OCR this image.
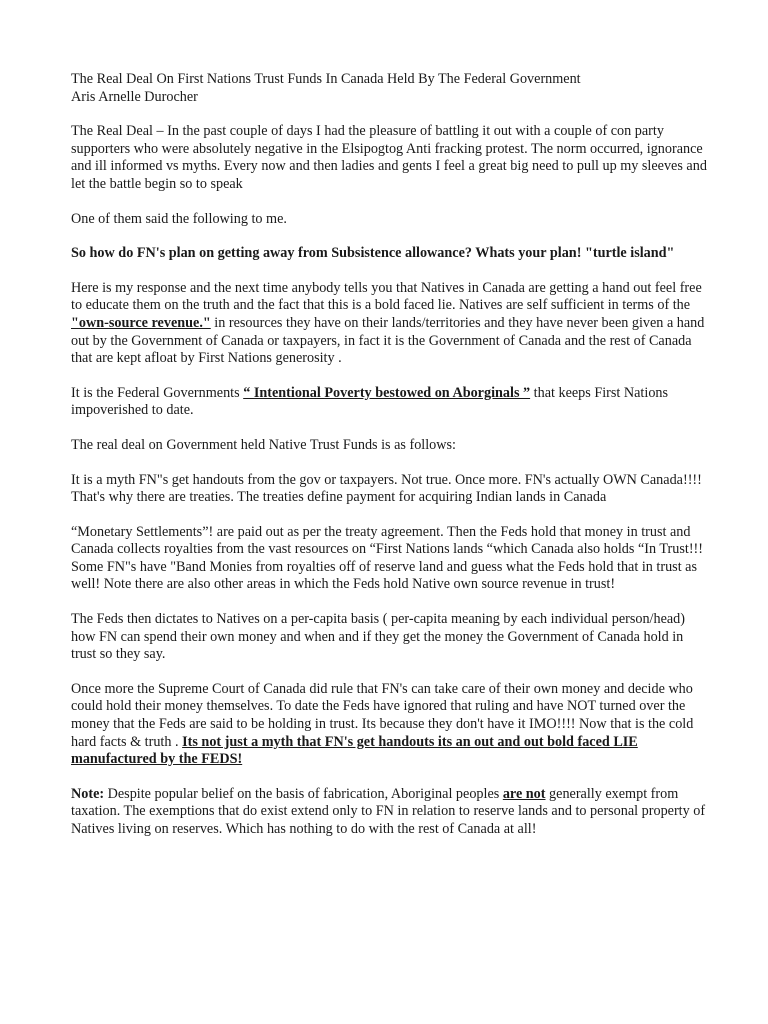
The Real Deal On First Nations Trust Funds In Canada Held By The Federal Government
Aris Arnelle Durocher

The Real Deal – In the past couple of days I had the pleasure of battling it out with a couple of con party supporters who were absolutely negative in the Elsipogtog Anti fracking protest. The norm occurred, ignorance and ill informed vs myths. Every now and then ladies and gents I feel a great big need to pull up my sleeves and let the battle begin so to speak

One of them said the following to me.

So how do FN's plan on getting away from Subsistence allowance? Whats your plan! "turtle island"

Here is my response and the next time anybody tells you that Natives in Canada are getting a hand out feel free to educate them on the truth and the fact that this is a bold faced lie. Natives are self sufficient in terms of the "own-source revenue." in resources they have on their lands/territories and they have never been given a hand out by the Government of Canada or taxpayers, in fact it is the Government of Canada and the rest of Canada that are kept afloat by First Nations generosity .

It is the Federal Governments “ Intentional Poverty bestowed on Aborginals ” that keeps First Nations impoverished to date.

The real deal on Government held Native Trust Funds is as follows:

It is a myth FN"s get handouts from the gov or taxpayers. Not true. Once more. FN's actually OWN Canada!!!! That's why there are treaties. The treaties define payment for acquiring Indian lands in Canada

“Monetary Settlements”! are paid out as per the treaty agreement. Then the Feds hold that money in trust and Canada collects royalties from the vast resources on “First Nations lands “which Canada also holds “In Trust!!! Some FN"s have "Band Monies from royalties off of reserve land and guess what the Feds hold that in trust as well! Note there are also other areas in which the Feds hold Native own source revenue in trust!

The Feds then dictates to Natives on a per-capita basis ( per-capita meaning by each individual person/head) how FN can spend their own money and when and if they get the money the Government of Canada hold in trust so they say.

Once more the Supreme Court of Canada did rule that FN's can take care of their own money and decide who could hold their money themselves. To date the Feds have ignored that ruling and have NOT turned over the money that the Feds are said to be holding in trust. Its because they don't have it IMO!!!! Now that is the cold hard facts & truth . Its not just a myth that FN's get handouts its an out and out bold faced LIE manufactured by the FEDS!

Note: Despite popular belief on the basis of fabrication, Aboriginal peoples are not generally exempt from taxation. The exemptions that do exist extend only to FN in relation to reserve lands and to personal property of Natives living on reserves. Which has nothing to do with the rest of Canada at all!
